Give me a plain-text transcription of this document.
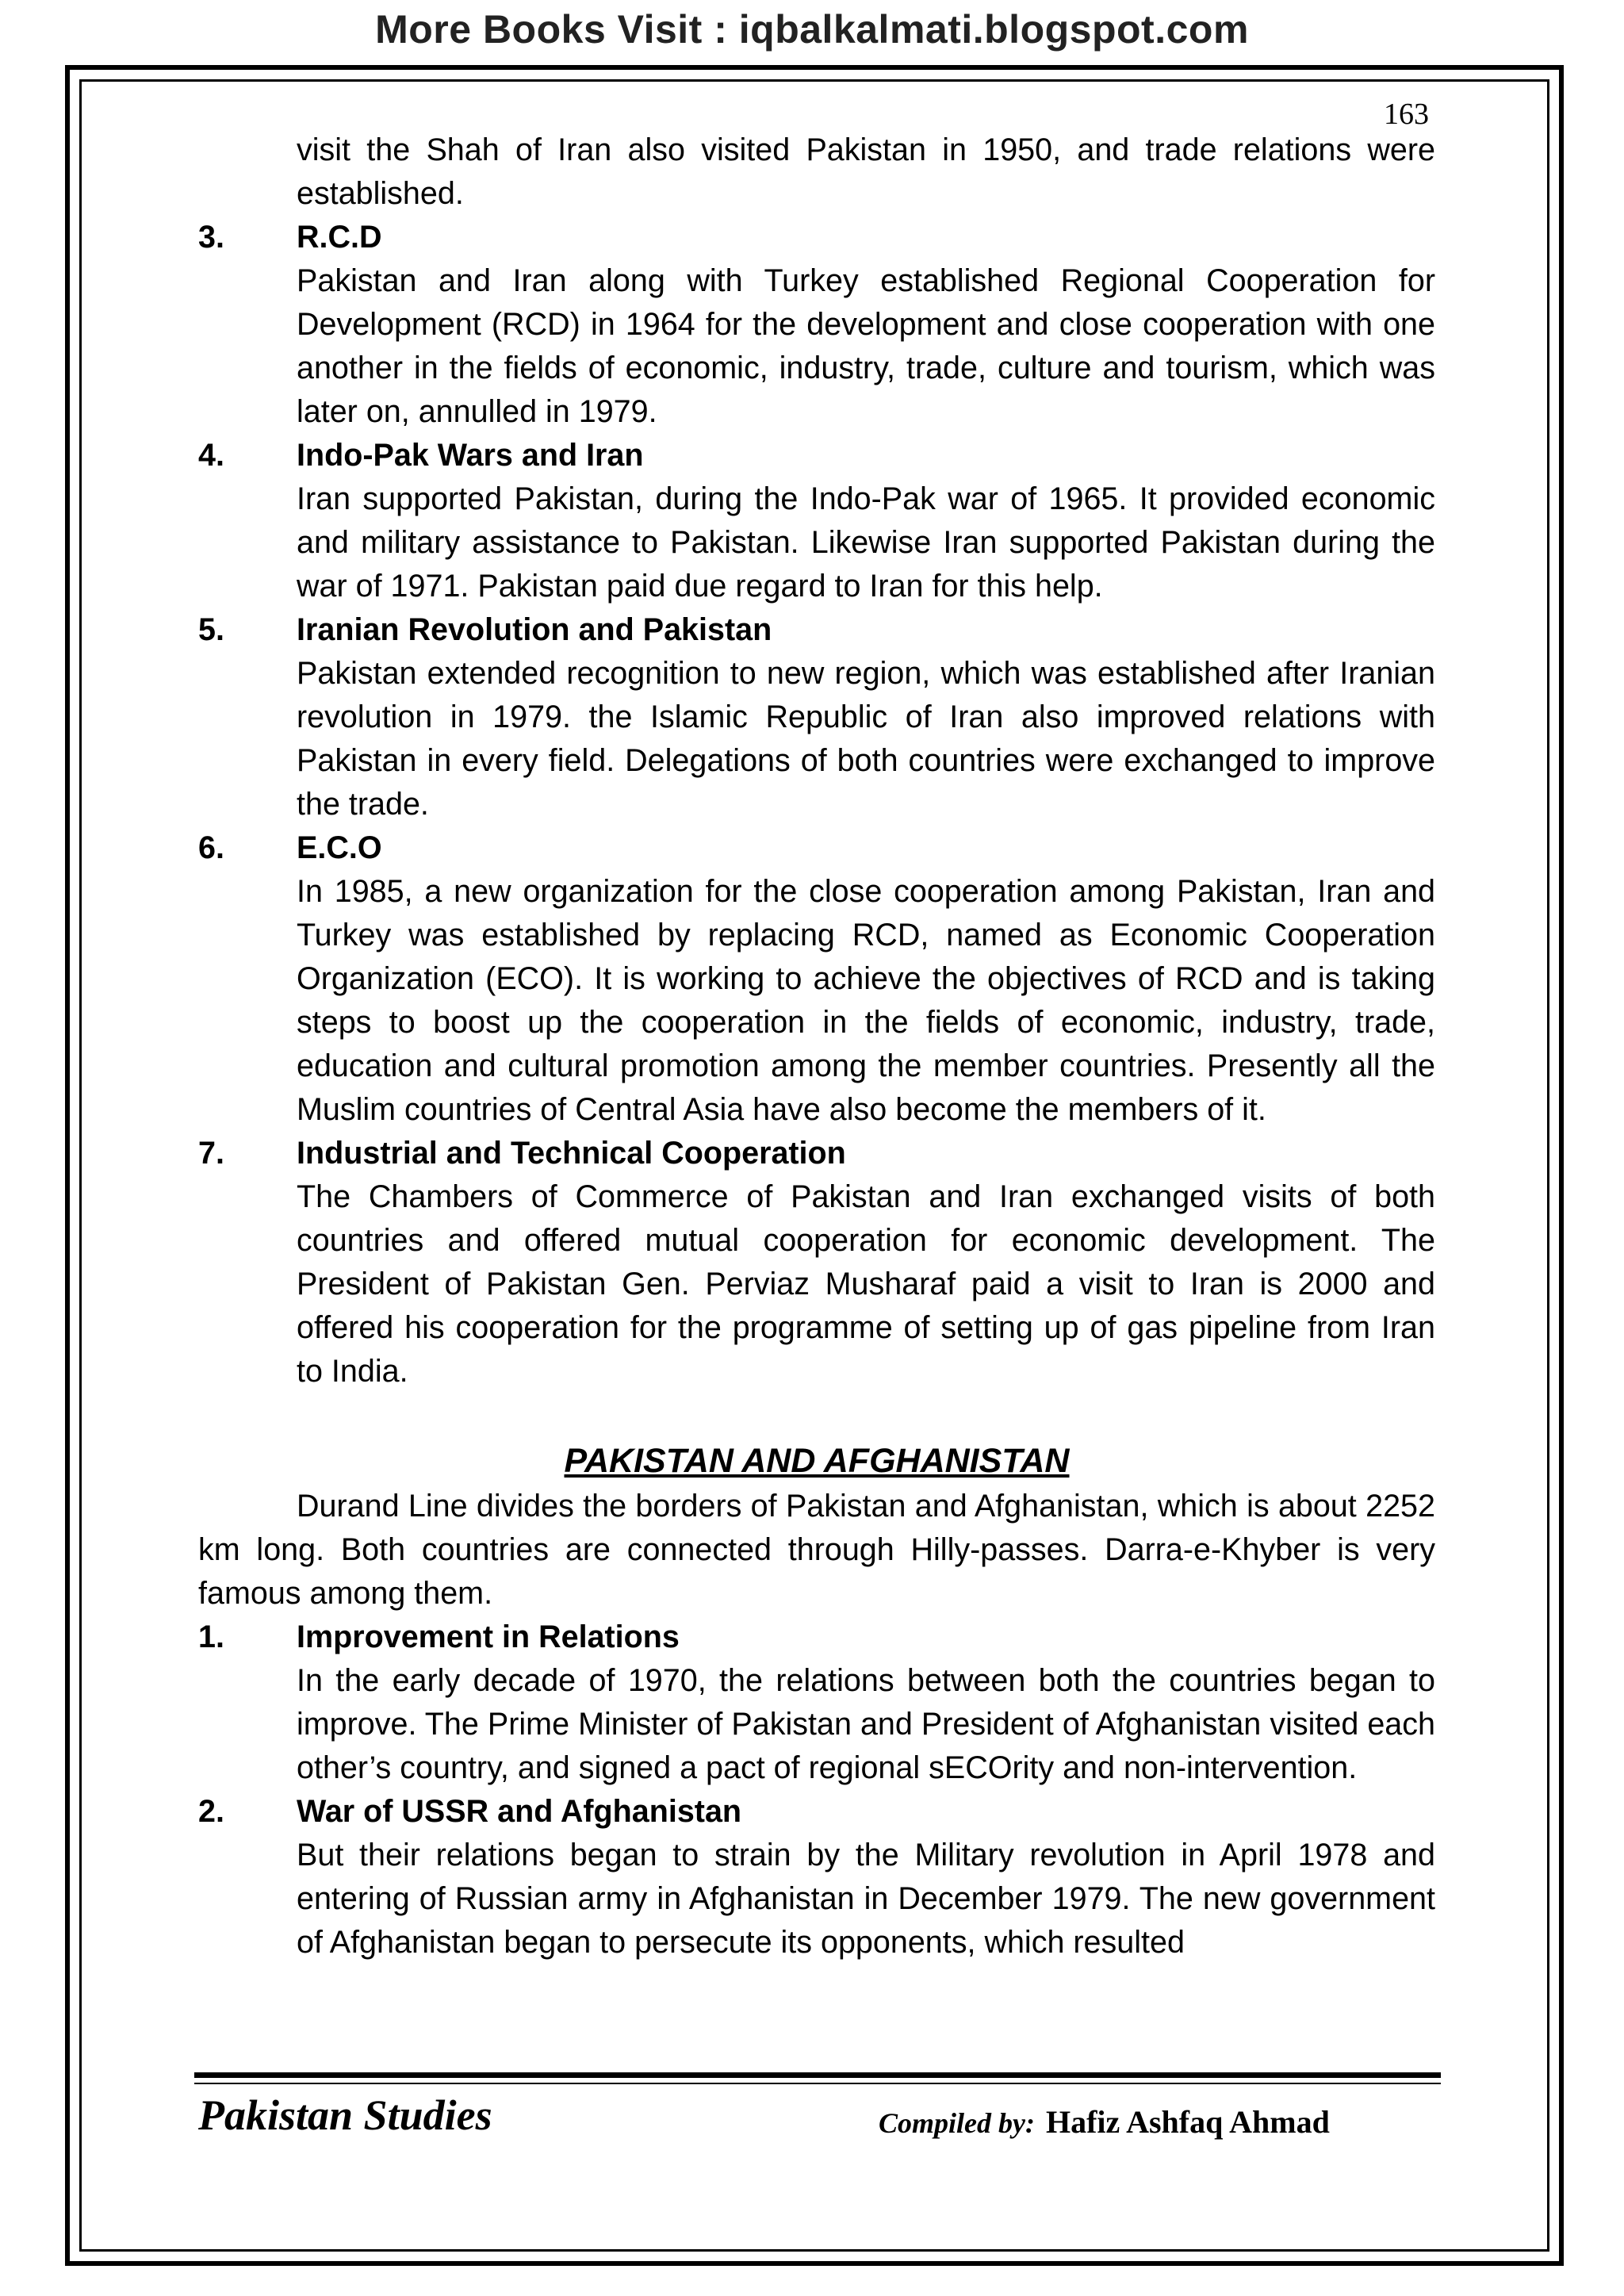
More Books Visit : iqbalkalmati.blogspot.com
163
visit the Shah of Iran also visited Pakistan in 1950, and trade relations were established.
3.	R.C.D
Pakistan and Iran along with Turkey established Regional Cooperation for Development (RCD) in 1964 for the development and close cooperation with one another in the fields of economic, industry, trade, culture and tourism, which was later on, annulled in 1979.
4.	Indo-Pak Wars and Iran
Iran supported Pakistan, during the Indo-Pak war of 1965. It provided economic and military assistance to Pakistan. Likewise Iran supported Pakistan during the war of 1971. Pakistan paid due regard to Iran for this help.
5.	Iranian Revolution and Pakistan
Pakistan extended recognition to new region, which was established after Iranian revolution in 1979. the Islamic Republic of Iran also improved relations with Pakistan in every field. Delegations of both countries were exchanged to improve the trade.
6.	E.C.O
In 1985, a new organization for the close cooperation among Pakistan, Iran and Turkey was established by replacing RCD, named as Economic Cooperation Organization (ECO). It is working to achieve the objectives of RCD and is taking steps to boost up the cooperation in the fields of economic, industry, trade, education and cultural promotion among the member countries. Presently all the Muslim countries of Central Asia have also become the members of it.
7.	Industrial and Technical Cooperation
The Chambers of Commerce of Pakistan and Iran exchanged visits of both countries and offered mutual cooperation for economic development. The President of Pakistan Gen. Perviaz Musharaf paid a visit to Iran is 2000 and offered his cooperation for the programme of setting up of gas pipeline from Iran to India.
PAKISTAN AND AFGHANISTAN
Durand Line divides the borders of Pakistan and Afghanistan, which is about 2252 km long. Both countries are connected through Hilly-passes. Darra-e-Khyber is very famous among them.
1.	Improvement in Relations
In the early decade of 1970, the relations between both the countries began to improve. The Prime Minister of Pakistan and President of Afghanistan visited each other’s country, and signed a pact of regional sECOrity and non-intervention.
2.	War of USSR and Afghanistan
But their relations began to strain by the Military revolution in April 1978 and entering of Russian army in Afghanistan in December 1979. The new government of Afghanistan began to persecute its opponents, which resulted
Pakistan Studies	Compiled by: Hafiz Ashfaq Ahmad
